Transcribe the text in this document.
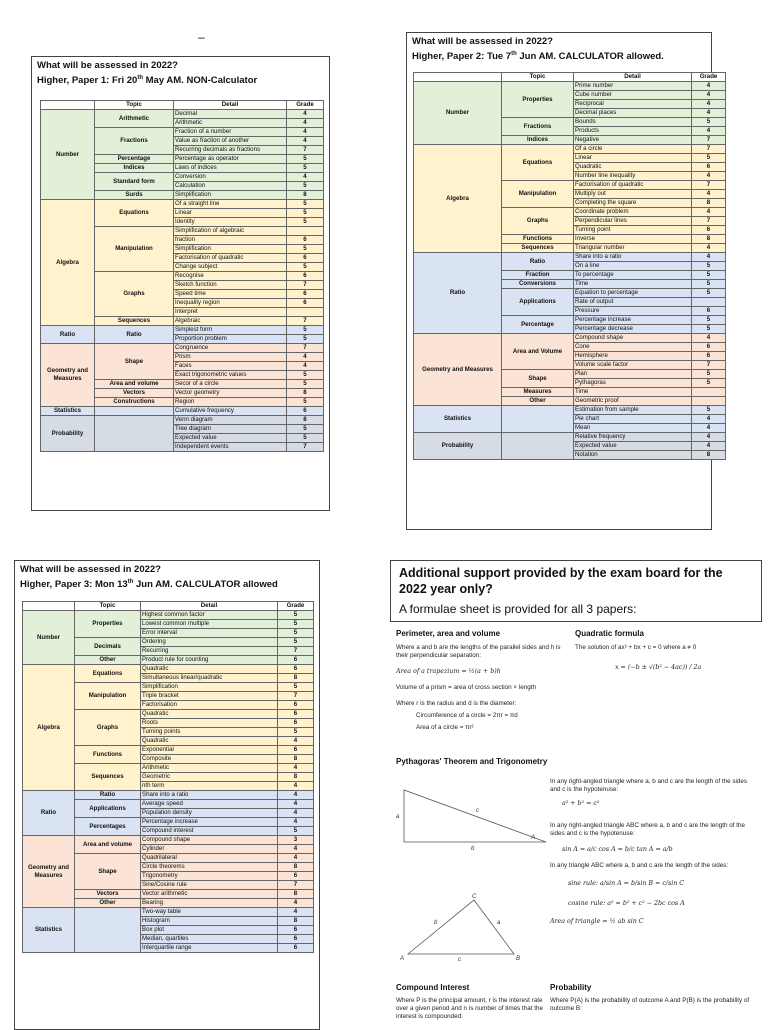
–
What will be assessed in 2022?
Higher, Paper 1: Fri 20th May AM. NON-Calculator
	Topic	Detail	Grade
Number	Arithmetic	Decimal	4
		Arithmetic	4
	Fractions	Fraction of a number	4
		Value as fraction of another	4
		Recurring decimals as fractions	7
	Percentage	Percentage as operator	5
	Indices	Laws of indices	5
	Standard form	Conversion	4
		Calculation	5
	Surds	Simplification	8
Algebra	Equations	Of a straight line	5
		Linear	5
		Identity	5
	Manipulation	Simplification of algebraic	
		fraction	6
		Simplification	5
		Factorisation of quadratic	6
		Change subject	5
	Graphs	Recognise	6
		Sketch function	7
		Speed time	6
		Inequality region	6
		Interpret	
	Sequences	Algebraic	7
Ratio	Ratio	Simplest form	5
		Proportion problem	5
Geometry and Measures	Shape	Congruence	7
		Prism	4
		Faces	4
		Exact trigonometric values	5
	Area and volume	Secor of a circle	5
	Vectors	Vector geometry	8
	Constructions	Region	5
Statistics		Cumulative frequency	6
Probability		Venn diagram	8
		Tree diagram	5
		Expected value	5
		Independent events	7
What will be assessed in 2022?
Higher, Paper 2: Tue 7th Jun AM. CALCULATOR allowed.
	Topic	Detail	Grade
Number	Properties	Prime number	4
		Cube number	4
		Reciprocal	4
		Decimal places	4
	Fractions	Bounds	5
		Products	4
	Indices	Negative	7
Algebra	Equations	Of a circle	7
		Linear	5
		Quadratic	6
		Number line inequality	4
	Manipulation	Factorisation of quadratic	7
		Multiply out	4
		Completing the square	8
	Graphs	Coordinate problem	4
		Perpendicular lines	7
		Turning point	6
	Functions	Inverse	8
	Sequences	Triangular number	4
Ratio	Ratio	Share into a ratio	4
		On a line	5
	Fraction	To percentage	5
	Conversions	Time	5
	Applications	Equation to percentage	5
		Rate of output	
		Pressure	6
	Percentage	Percentage increase	5
		Percentage decrease	5
Geometry and Measures	Area and Volume	Compound shape	4
		Cone	6
		Hemisphere	6
		Volume scale factor	7
	Shape	Plan	5
		Pythagoras	5
	Measures	Time	
	Other	Geometric proof	
Statistics		Estimation from sample	5
		Pie chart	4
		Mean	4
Probability		Relative frequency	4
		Expected value	4
		Notation	8
What will be assessed in 2022?
Higher, Paper 3: Mon 13th Jun AM. CALCULATOR allowed
	Topic	Detail	Grade
Number	Properties	Highest common factor	5
		Lowest common multiple	5
		Error interval	5
	Decimals	Ordering	5
		Recurring	7
	Other	Product rule for counting	6
Algebra	Equations	Quadratic	6
		Simultaneous linear/quadratic	8
	Manipulation	Simplification	5
		Triple bracket	7
		Factorisation	6
	Graphs	Quadratic	6
		Roots	6
		Turning points	5
		Quadratic	4
	Functions	Exponential	6
		Composite	8
	Sequences	Arithmetic	4
		Geometric	8
		nth term	4
Ratio	Ratio	Share into a ratio	4
	Applications	Average speed	4
		Population density	4
	Percentages	Percentage increase	4
		Compound interest	5
Geometry and Measures	Area and volume	Compound shape	3
		Cylinder	4
	Shape	Quadrilateral	4
		Circle theorems	8
		Trigonometry	6
		Sine/Cosine rule	7
	Vectors	Vector arithmetic	8
	Other	Bearing	4
Statistics		Two-way table	4
		Histogram	8
		Box plot	6
		Median, quartiles	6
		Interquartile range	6
Additional support provided by the exam board for the 2022 year only?
A formulae sheet is provided for all 3 papers:
Perimeter, area and volume
Where a and b are the lengths of the parallel sides and h is their perpendicular separation:
Area of a trapezium = ½(a + b)h
Volume of a prism = area of cross section × length
Where r is the radius and d is the diameter:
Circumference of a circle = 2πr = πd
Area of a circle = πr²
Quadratic formula
The solution of ax² + bx + c = 0 where a ≠ 0
x = (−b ± √(b² − 4ac)) / 2a
Pythagoras' Theorem and Trigonometry
a
b
c
A
C
A	B
b	a
c
In any right-angled triangle where a, b and c are the length of the sides and c is the hypotenuse:
a² + b² = c²
In any right-angled triangle ABC where a, b and c are the length of the sides and c is the hypotenuse:
sin A = a/c cos A = b/c tan A = a/b
In any triangle ABC where a, b and c are the length of the sides:
sine rule: a/sin A = b/sin B = c/sin C
cosine rule: a² = b² + c² − 2bc cos A
Area of triangle = ½ ab sin C
Compound Interest
Where P is the principal amount, r is the interest rate over a given period and n is number of times that the interest is compounded:
Probability
Where P(A) is the probability of outcome A and P(B) is the probability of outcome B:
